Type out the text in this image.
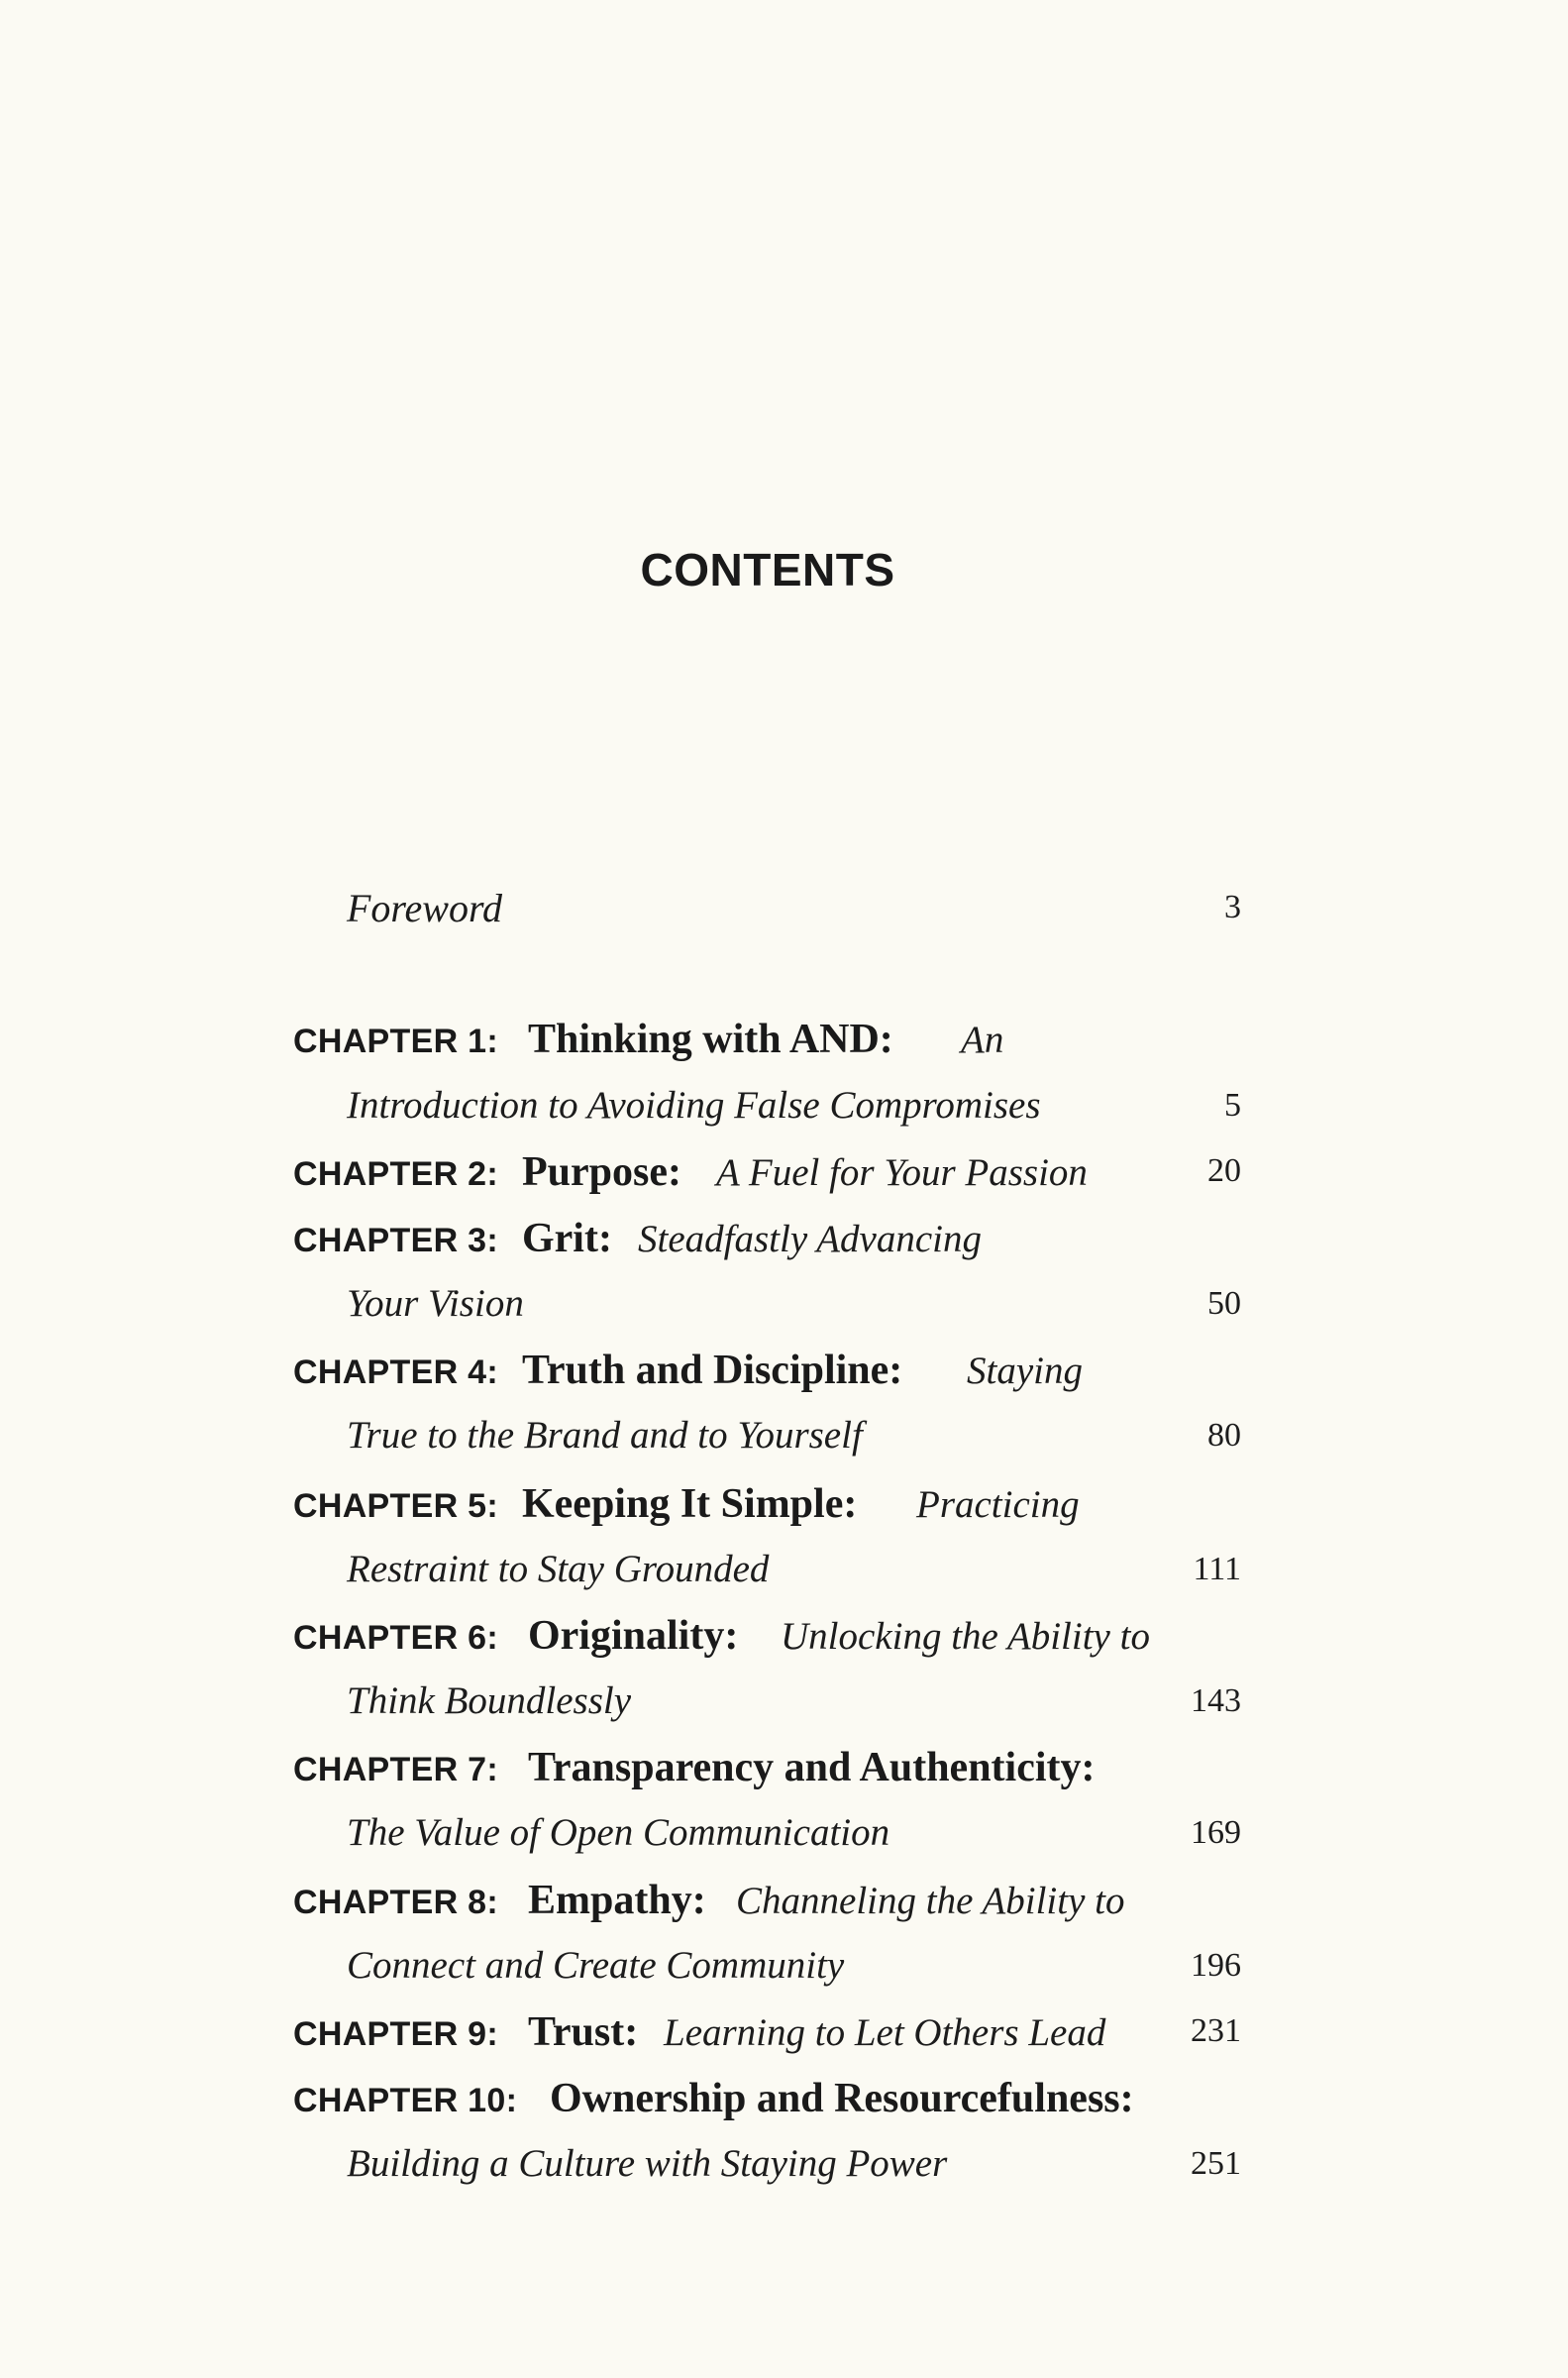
CONTENTS
Foreword	3
CHAPTER 1: Thinking with AND: An
Introduction to Avoiding False Compromises	5
CHAPTER 2: Purpose: A Fuel for Your Passion	20
CHAPTER 3: Grit: Steadfastly Advancing
Your Vision	50
CHAPTER 4: Truth and Discipline: Staying
True to the Brand and to Yourself	80
CHAPTER 5: Keeping It Simple: Practicing
Restraint to Stay Grounded	111
CHAPTER 6: Originality: Unlocking the Ability to
Think Boundlessly	143
CHAPTER 7: Transparency and Authenticity:
The Value of Open Communication	169
CHAPTER 8: Empathy: Channeling the Ability to
Connect and Create Community	196
CHAPTER 9: Trust: Learning to Let Others Lead	231
CHAPTER 10: Ownership and Resourcefulness:
Building a Culture with Staying Power	251
